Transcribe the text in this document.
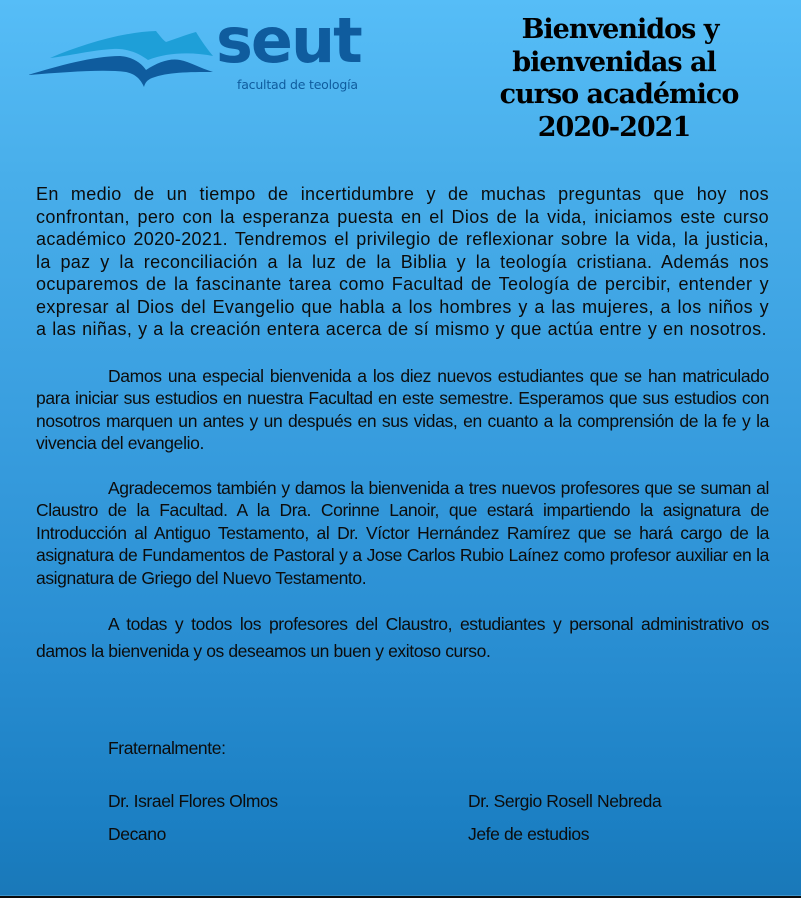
seut
facultad de teología
Bienvenidos y
bienvenidas al
curso académico
2020-2021

En medio de un tiempo de incertidumbre y de muchas preguntas que hoy nos confrontan, pero con la esperanza puesta en el Dios de la vida, iniciamos este curso académico 2020-2021. Tendremos el privilegio de reflexionar sobre la vida, la justicia, la paz y la reconciliación a la luz de la Biblia y la teología cristiana. Además nos ocuparemos de la fascinante tarea como Facultad de Teología de percibir, entender y expresar al Dios del Evangelio que habla a los hombres y a las mujeres, a los niños y a las niñas, y a la creación entera acerca de sí mismo y que actúa entre y en nosotros.

Damos una especial bienvenida a los diez nuevos estudiantes que se han matriculado para iniciar sus estudios en nuestra Facultad en este semestre. Esperamos que sus estudios con nosotros marquen un antes y un después en sus vidas, en cuanto a la comprensión de la fe y la vivencia del evangelio.

Agradecemos también y damos la bienvenida a tres nuevos profesores que se suman al Claustro de la Facultad. A la Dra. Corinne Lanoir, que estará impartiendo la asignatura de Introducción al Antiguo Testamento, al Dr. Víctor Hernández Ramírez que se hará cargo de la asignatura de Fundamentos de Pastoral y a Jose Carlos Rubio Laínez como profesor auxiliar en la asignatura de Griego del Nuevo Testamento.

A todas y todos los profesores del Claustro, estudiantes y personal administrativo os damos la bienvenida y os deseamos un buen y exitoso curso.

Fraternalmente:
Dr. Israel Flores Olmos
Decano
Dr. Sergio Rosell Nebreda
Jefe de estudios
